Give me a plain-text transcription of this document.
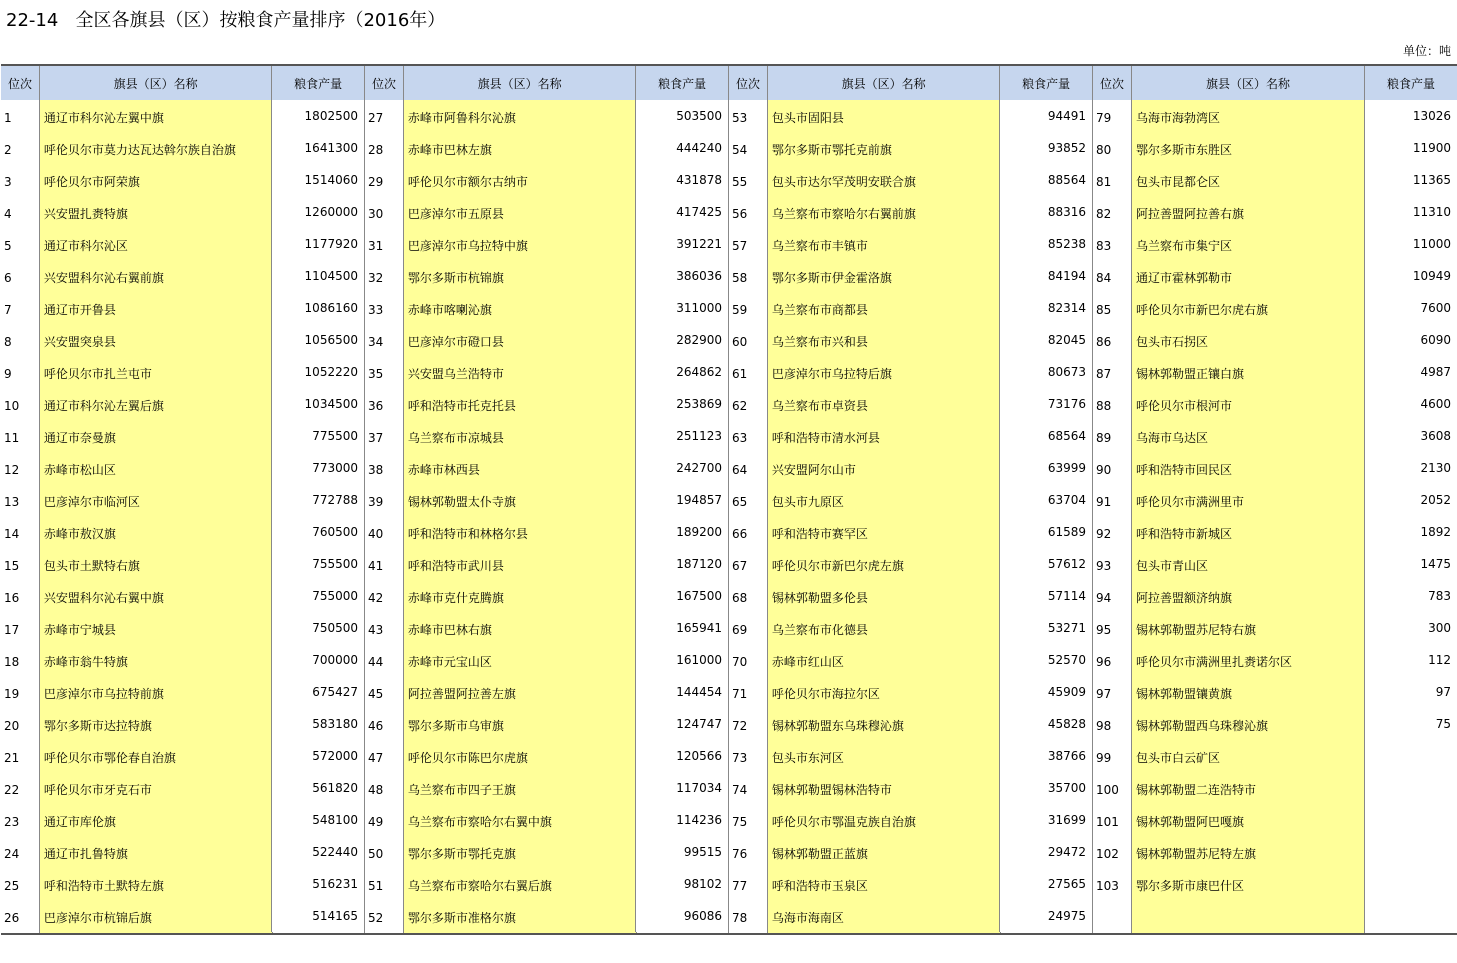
22-14   全区各旗县（区）按粮食产量排序（2016年）
单位：吨
位次	旗县（区）名称	粮食产量
1	通辽市科尔沁左翼中旗	1802500
2	呼伦贝尔市莫力达瓦达斡尔族自治旗	1641300
3	呼伦贝尔市阿荣旗	1514060
4	兴安盟扎赉特旗	1260000
5	通辽市科尔沁区	1177920
6	兴安盟科尔沁右翼前旗	1104500
7	通辽市开鲁县	1086160
8	兴安盟突泉县	1056500
9	呼伦贝尔市扎兰屯市	1052220
10	通辽市科尔沁左翼后旗	1034500
11	通辽市奈曼旗	775500
12	赤峰市松山区	773000
13	巴彦淖尔市临河区	772788
14	赤峰市敖汉旗	760500
15	包头市土默特右旗	755500
16	兴安盟科尔沁右翼中旗	755000
17	赤峰市宁城县	750500
18	赤峰市翁牛特旗	700000
19	巴彦淖尔市乌拉特前旗	675427
20	鄂尔多斯市达拉特旗	583180
21	呼伦贝尔市鄂伦春自治旗	572000
22	呼伦贝尔市牙克石市	561820
23	通辽市库伦旗	548100
24	通辽市扎鲁特旗	522440
25	呼和浩特市土默特左旗	516231
26	巴彦淖尔市杭锦后旗	514165
位次	旗县（区）名称	粮食产量
27	赤峰市阿鲁科尔沁旗	503500
28	赤峰市巴林左旗	444240
29	呼伦贝尔市额尔古纳市	431878
30	巴彦淖尔市五原县	417425
31	巴彦淖尔市乌拉特中旗	391221
32	鄂尔多斯市杭锦旗	386036
33	赤峰市喀喇沁旗	311000
34	巴彦淖尔市磴口县	282900
35	兴安盟乌兰浩特市	264862
36	呼和浩特市托克托县	253869
37	乌兰察布市凉城县	251123
38	赤峰市林西县	242700
39	锡林郭勒盟太仆寺旗	194857
40	呼和浩特市和林格尔县	189200
41	呼和浩特市武川县	187120
42	赤峰市克什克腾旗	167500
43	赤峰市巴林右旗	165941
44	赤峰市元宝山区	161000
45	阿拉善盟阿拉善左旗	144454
46	鄂尔多斯市乌审旗	124747
47	呼伦贝尔市陈巴尔虎旗	120566
48	乌兰察布市四子王旗	117034
49	乌兰察布市察哈尔右翼中旗	114236
50	鄂尔多斯市鄂托克旗	99515
51	乌兰察布市察哈尔右翼后旗	98102
52	鄂尔多斯市准格尔旗	96086
位次	旗县（区）名称	粮食产量
53	包头市固阳县	94491
54	鄂尔多斯市鄂托克前旗	93852
55	包头市达尔罕茂明安联合旗	88564
56	乌兰察布市察哈尔右翼前旗	88316
57	乌兰察布市丰镇市	85238
58	鄂尔多斯市伊金霍洛旗	84194
59	乌兰察布市商都县	82314
60	乌兰察布市兴和县	82045
61	巴彦淖尔市乌拉特后旗	80673
62	乌兰察布市卓资县	73176
63	呼和浩特市清水河县	68564
64	兴安盟阿尔山市	63999
65	包头市九原区	63704
66	呼和浩特市赛罕区	61589
67	呼伦贝尔市新巴尔虎左旗	57612
68	锡林郭勒盟多伦县	57114
69	乌兰察布市化德县	53271
70	赤峰市红山区	52570
71	呼伦贝尔市海拉尔区	45909
72	锡林郭勒盟东乌珠穆沁旗	45828
73	包头市东河区	38766
74	锡林郭勒盟锡林浩特市	35700
75	呼伦贝尔市鄂温克族自治旗	31699
76	锡林郭勒盟正蓝旗	29472
77	呼和浩特市玉泉区	27565
78	乌海市海南区	24975
位次	旗县（区）名称	粮食产量
79	乌海市海勃湾区	13026
80	鄂尔多斯市东胜区	11900
81	包头市昆都仑区	11365
82	阿拉善盟阿拉善右旗	11310
83	乌兰察布市集宁区	11000
84	通辽市霍林郭勒市	10949
85	呼伦贝尔市新巴尔虎右旗	7600
86	包头市石拐区	6090
87	锡林郭勒盟正镶白旗	4987
88	呼伦贝尔市根河市	4600
89	乌海市乌达区	3608
90	呼和浩特市回民区	2130
91	呼伦贝尔市满洲里市	2052
92	呼和浩特市新城区	1892
93	包头市青山区	1475
94	阿拉善盟额济纳旗	783
95	锡林郭勒盟苏尼特右旗	300
96	呼伦贝尔市满洲里扎赉诺尔区	112
97	锡林郭勒盟镶黄旗	97
98	锡林郭勒盟西乌珠穆沁旗	75
99	包头市白云矿区
100	锡林郭勒盟二连浩特市
101	锡林郭勒盟阿巴嘎旗
102	锡林郭勒盟苏尼特左旗
103	鄂尔多斯市康巴什区
